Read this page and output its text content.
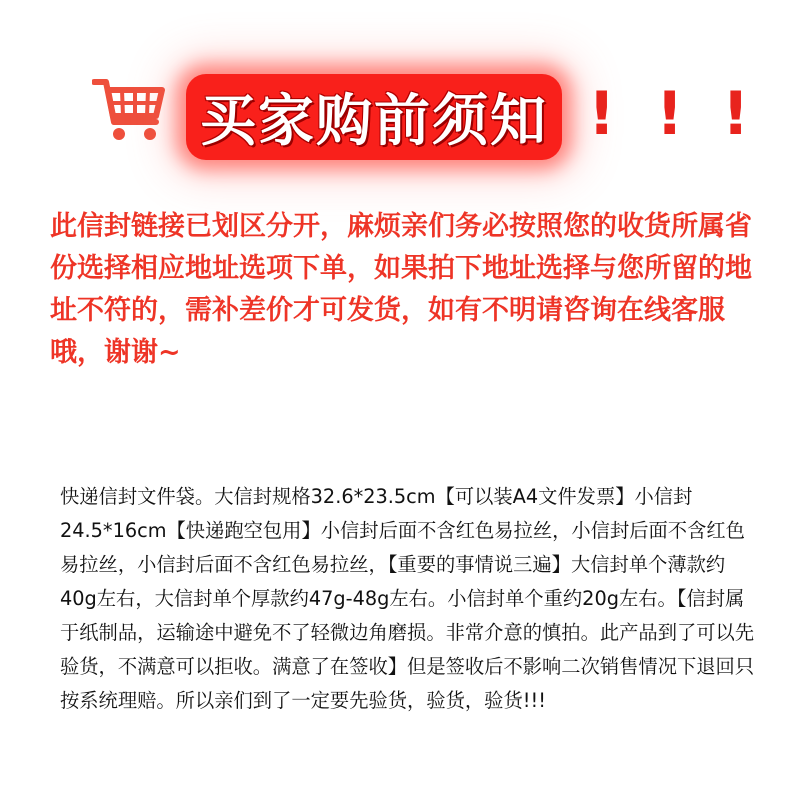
买家购前须知 ! ! !
此信封链接已划区分开，麻烦亲们务必按照您的收货所属省份选择相应地址选项下单，如果拍下地址选择与您所留的地址不符的，需补差价才可发货，如有不明请咨询在线客服哦，谢谢~
快递信封文件袋。大信封规格32.6*23.5cm【可以装A4文件发票】小信封24.5*16cm【快递跑空包用】小信封后面不含红色易拉丝，小信封后面不含红色易拉丝，小信封后面不含红色易拉丝，【重要的事情说三遍】大信封单个薄款约40g左右，大信封单个厚款约47g-48g左右。小信封单个重约20g左右。【信封属于纸制品，运输途中避免不了轻微边角磨损。非常介意的慎拍。此产品到了可以先验货，不满意可以拒收。满意了在签收】但是签收后不影响二次销售情况下退回只按系统理赔。所以亲们到了一定要先验货，验货，验货!!!
